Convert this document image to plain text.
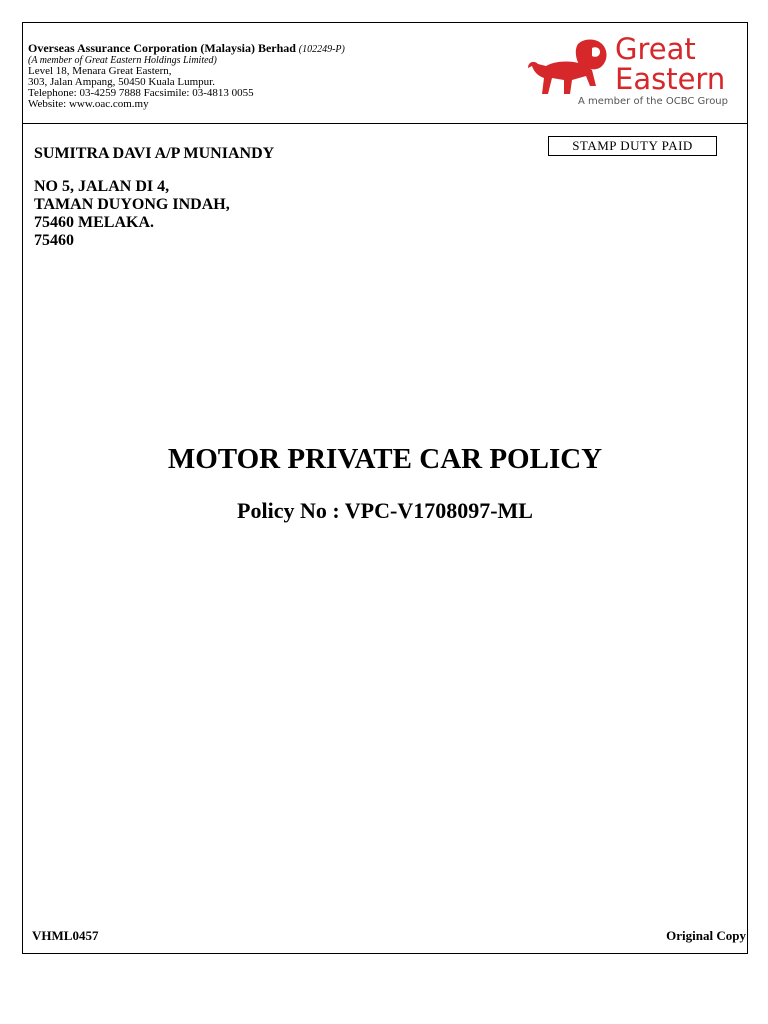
Overseas Assurance Corporation (Malaysia) Berhad (102249-P)
(A member of Great Eastern Holdings Limited)
Level 18, Menara Great Eastern,
303, Jalan Ampang, 50450 Kuala Lumpur.
Telephone: 03-4259 7888 Facsimile: 03-4813 0055
Website: www.oac.com.my
Great
Eastern
A member of the OCBC Group
STAMP DUTY PAID
SUMITRA DAVI A/P MUNIANDY
NO 5, JALAN DI 4,
TAMAN DUYONG INDAH,
75460 MELAKA.
75460
MOTOR PRIVATE CAR POLICY
Policy No : VPC-V1708097-ML
VHML0457	Original Copy
